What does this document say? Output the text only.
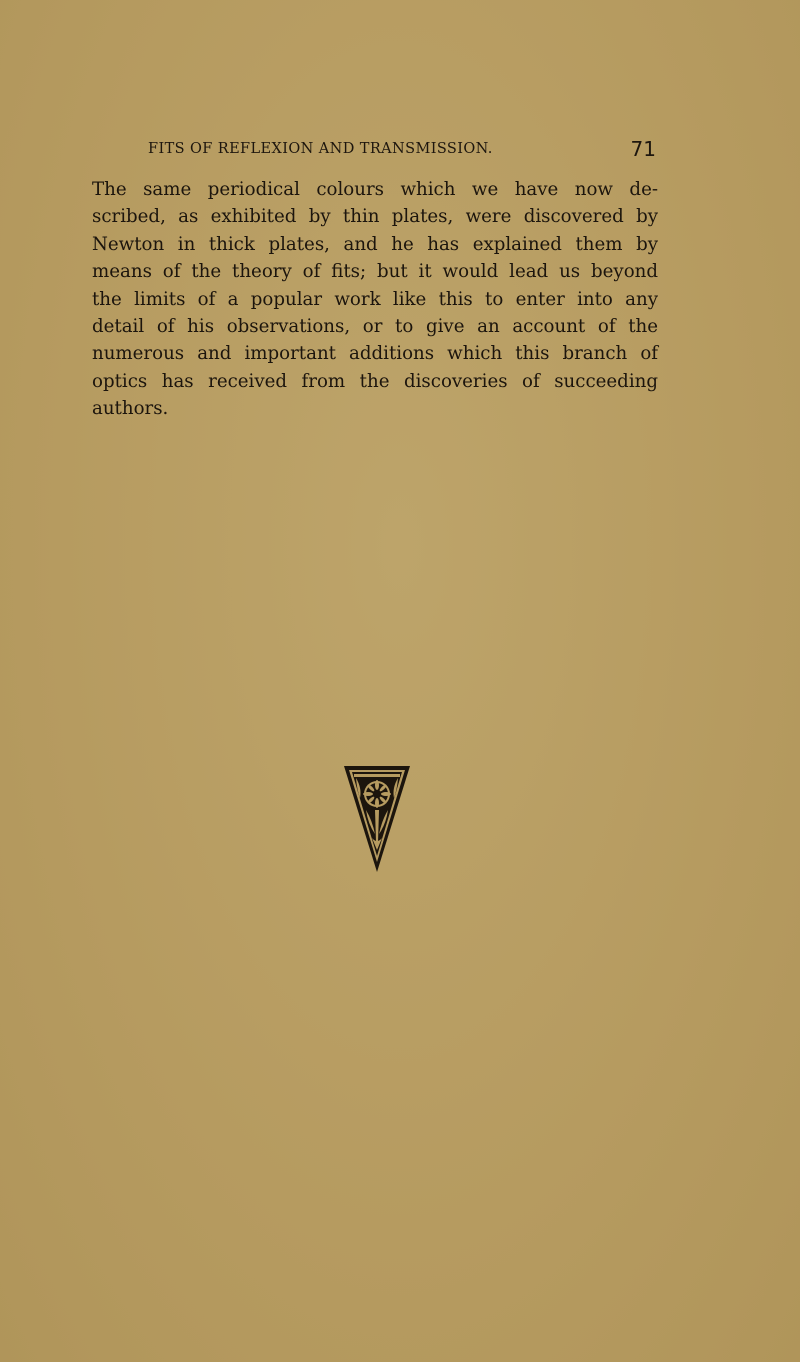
FITS OF REFLEXION AND TRANSMISSION.	71
The same periodical colours which we have now de-
scribed, as exhibited by thin plates, were discovered by
Newton in thick plates, and he has explained them by
means of the theory of fits; but it would lead us beyond
the limits of a popular work like this to enter into any
detail of his observations, or to give an account of the
numerous and important additions which this branch of
optics has received from the discoveries of succeeding
authors.
